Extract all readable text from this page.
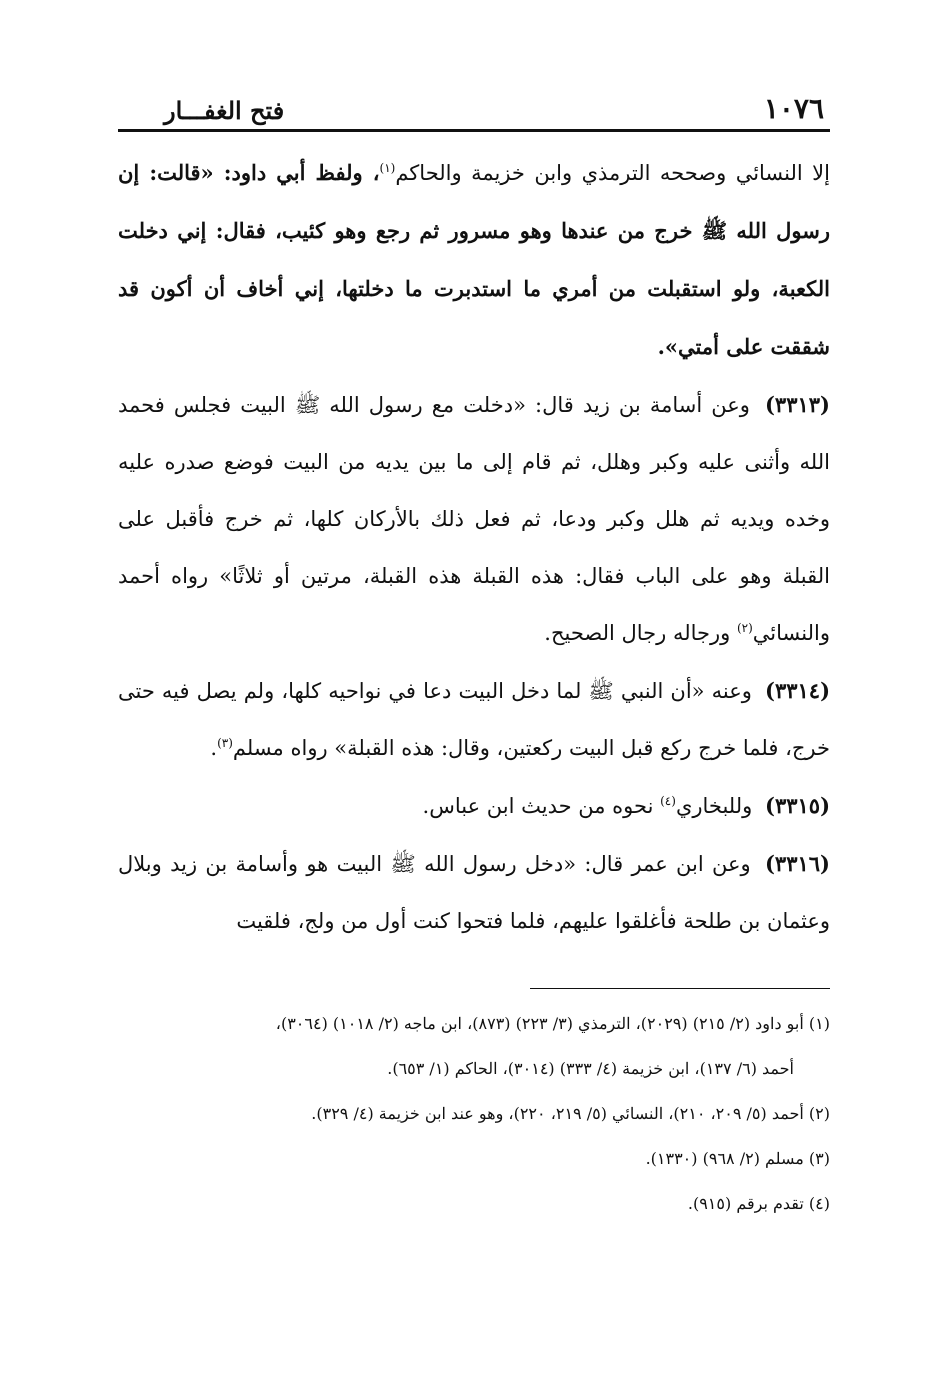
١٠٧٦
فتح الغفـــار

إلا النسائي وصححه الترمذي وابن خزيمة والحاكم$^{(١)}$، ولفظ أبي داود: «قالت: إن رسول الله ﷺ خرج من عندها وهو مسرور ثم رجع وهو كئيب، فقال: إني دخلت الكعبة، ولو استقبلت من أمري ما استدبرت ما دخلتها، إني أخاف أن أكون قد شققت على أمتي».

(٣٣١٣) وعن أسامة بن زيد قال: «دخلت مع رسول الله ﷺ البيت فجلس فحمد الله وأثنى عليه وكبر وهلل، ثم قام إلى ما بين يديه من البيت فوضع صدره عليه وخده ويديه ثم هلل وكبر ودعا، ثم فعل ذلك بالأركان كلها، ثم خرج فأقبل على القبلة وهو على الباب فقال: هذه القبلة هذه القبلة، مرتين أو ثلاثًا» رواه أحمد والنسائي$^{(٢)}$ ورجاله رجال الصحيح.

(٣٣١٤) وعنه «أن النبي ﷺ لما دخل البيت دعا في نواحيه كلها، ولم يصل فيه حتى خرج، فلما خرج ركع قبل البيت ركعتين، وقال: هذه القبلة» رواه مسلم$^{(٣)}$.

(٣٣١٥) وللبخاري$^{(٤)}$ نحوه من حديث ابن عباس.

(٣٣١٦) وعن ابن عمر قال: «دخل رسول الله ﷺ البيت هو وأسامة بن زيد وبلال وعثمان بن طلحة فأغلقوا عليهم، فلما فتحوا كنت أول من ولج، فلقيت

(١) أبو داود (٢/ ٢١٥) (٢٠٢٩)، الترمذي (٣/ ٢٢٣) (٨٧٣)، ابن ماجه (٢/ ١٠١٨) (٣٠٦٤)،

أحمد (٦/ ١٣٧)، ابن خزيمة (٤/ ٣٣٣) (٣٠١٤)، الحاكم (١/ ٦٥٣).

(٢) أحمد (٥/ ٢٠٩، ٢١٠)، النسائي (٥/ ٢١٩، ٢٢٠)، وهو عند ابن خزيمة (٤/ ٣٢٩).

(٣) مسلم (٢/ ٩٦٨) (١٣٣٠).

(٤) تقدم برقم (٩١٥).
